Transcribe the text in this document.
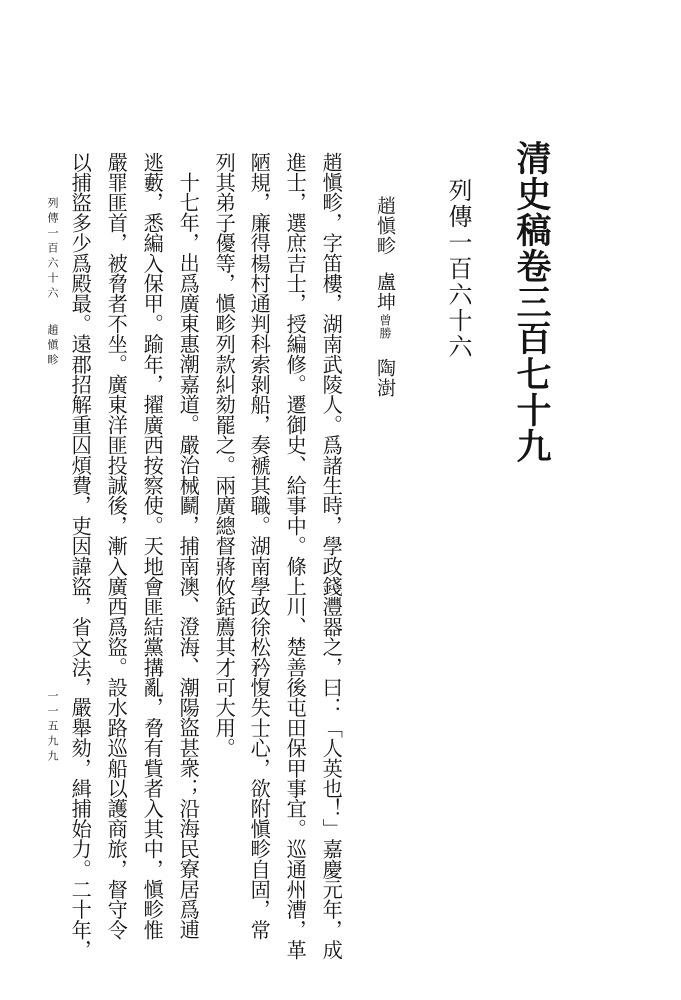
清史稿卷三百七十九
列傳一百六十六
趙愼畛盧坤曾勝陶澍
趙愼畛，字笛樓，湖南武陵人。爲諸生時，學政錢灃器之，曰：「人英也！」嘉慶元年，成
進士，選庶吉士，授編修。遷御史、給事中。條上川、楚善後屯田保甲事宜。巡通州漕，革
陋規，廉得楊村通判科索剝船，奏褫其職。湖南學政徐松矜愎失士心，欲附愼畛自固，常
列其弟子優等，愼畛列款糾劾罷之。兩廣總督蔣攸銛薦其才可大用。
十七年，出爲廣東惠潮嘉道。嚴治械鬬，捕南澳、澄海、潮陽盜甚衆；沿海民寮居爲逋
逃藪，悉編入保甲。踰年，擢廣西按察使。天地會匪結黨搆亂，脅有貲者入其中，愼畛惟
嚴罪匪首，被脅者不坐。廣東洋匪投誠後，漸入廣西爲盜。設水路巡船以護商旅，督守令
以捕盜多少爲殿最。遠郡招解重囚煩費，吏因諱盜，省文法，嚴舉劾，緝捕始力。二十年，
列傳一百六十六趙愼畛
一一五九九
